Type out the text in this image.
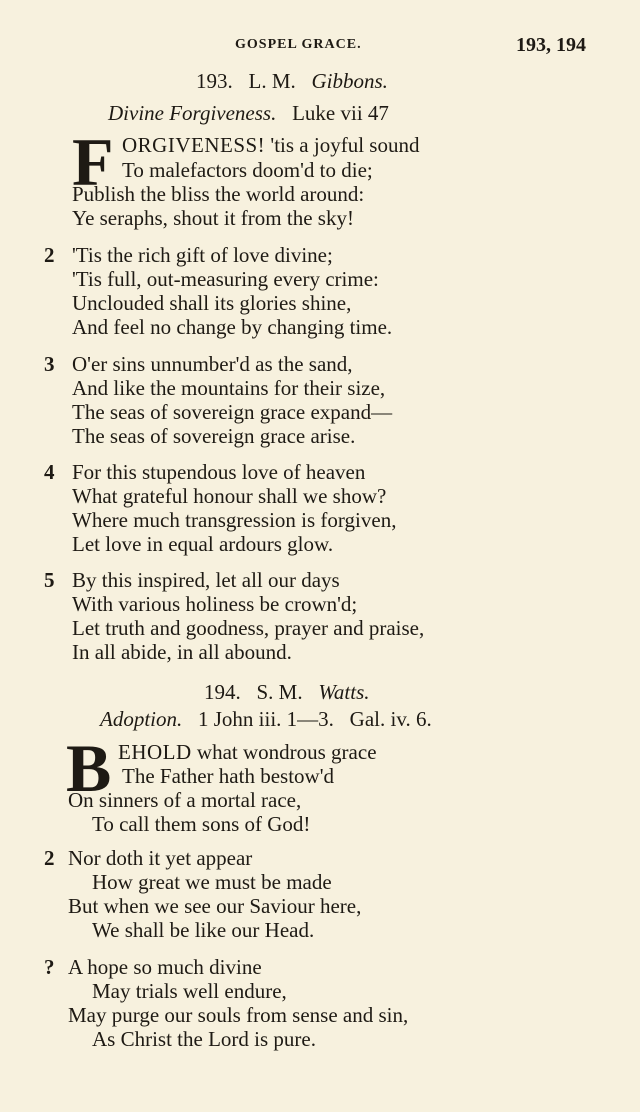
GOSPEL GRACE.	193, 194
193. L. M. Gibbons.
Divine Forgiveness. Luke vii 47
F ORGIVENESS! 'tis a joyful sound
To malefactors doom'd to die;
Publish the bliss the world around:
Ye seraphs, shout it from the sky!
2 'Tis the rich gift of love divine;
'Tis full, out-measuring every crime:
Unclouded shall its glories shine,
And feel no change by changing time.
3 O'er sins unnumber'd as the sand,
And like the mountains for their size,
The seas of sovereign grace expand—
The seas of sovereign grace arise.
4 For this stupendous love of heaven
What grateful honour shall we show?
Where much transgression is forgiven,
Let love in equal ardours glow.
5 By this inspired, let all our days
With various holiness be crown'd;
Let truth and goodness, prayer and praise,
In all abide, in all abound.
194. S. M. Watts.
Adoption. 1 John iii. 1—3.   Gal. iv. 6.
B EHOLD what wondrous grace
The Father hath bestow'd
On sinners of a mortal race,
To call them sons of God!
2 Nor doth it yet appear
How great we must be made
But when we see our Saviour here,
We shall be like our Head.
? A hope so much divine
May trials well endure,
May purge our souls from sense and sin,
As Christ the Lord is pure.
